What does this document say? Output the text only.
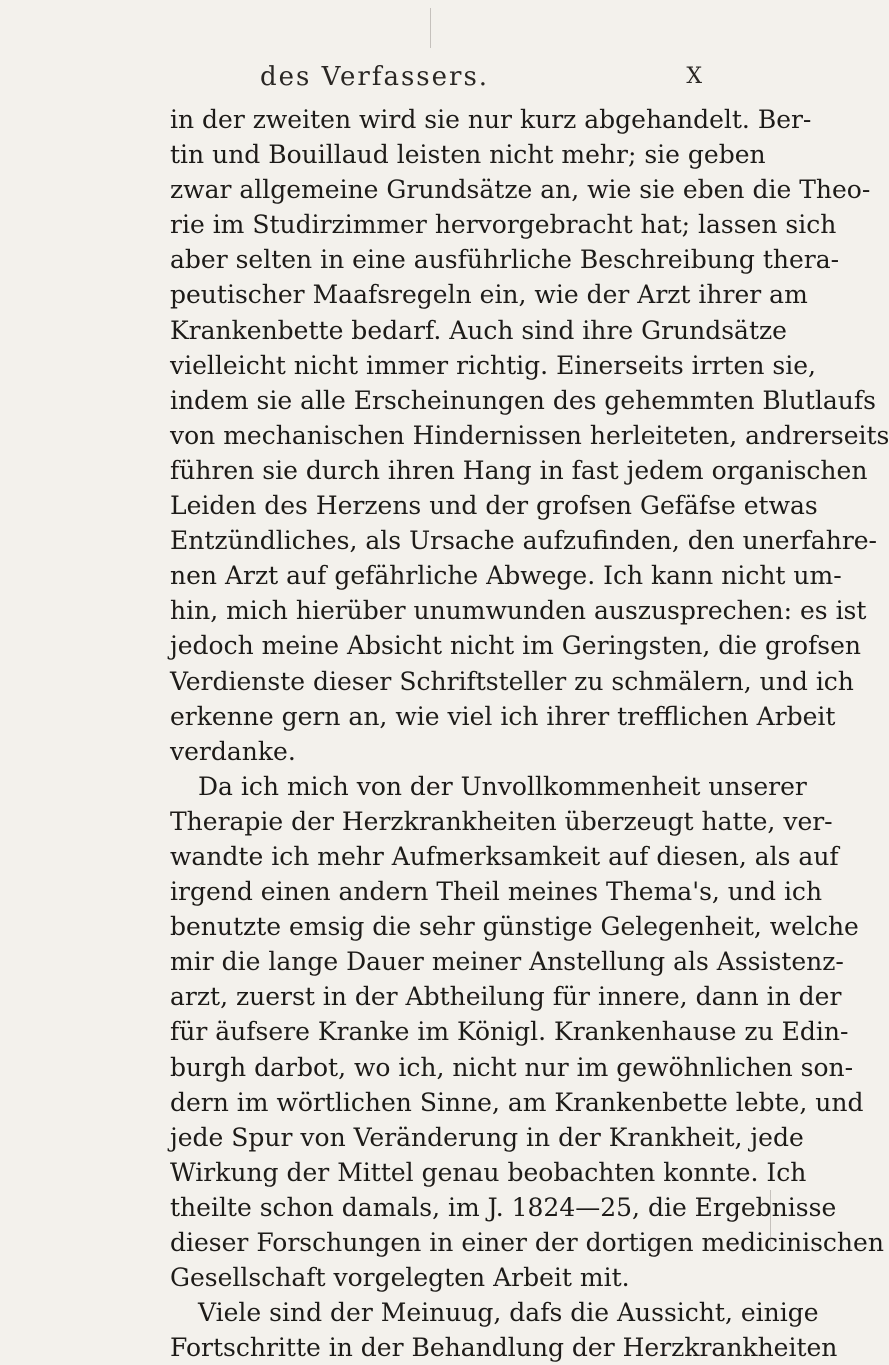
des Verfassers.	X
in der zweiten wird sie nur kurz abgehandelt. Ber-
tin und Bouillaud leisten nicht mehr; sie geben
zwar allgemeine Grundsätze an, wie sie eben die Theo-
rie im Studirzimmer hervorgebracht hat; lassen sich
aber selten in eine ausführliche Beschreibung thera-
peutischer Maafsregeln ein, wie der Arzt ihrer am
Krankenbette bedarf. Auch sind ihre Grundsätze
vielleicht nicht immer richtig. Einerseits irrten sie,
indem sie alle Erscheinungen des gehemmten Blutlaufs
von mechanischen Hindernissen herleiteten, andrerseits
führen sie durch ihren Hang in fast jedem organischen
Leiden des Herzens und der grofsen Gefäfse etwas
Entzündliches, als Ursache aufzufinden, den unerfahre-
nen Arzt auf gefährliche Abwege. Ich kann nicht um-
hin, mich hierüber unumwunden auszusprechen: es ist
jedoch meine Absicht nicht im Geringsten, die grofsen
Verdienste dieser Schriftsteller zu schmälern, und ich
erkenne gern an, wie viel ich ihrer trefflichen Arbeit
verdanke.
Da ich mich von der Unvollkommenheit unserer
Therapie der Herzkrankheiten überzeugt hatte, ver-
wandte ich mehr Aufmerksamkeit auf diesen, als auf
irgend einen andern Theil meines Thema's, und ich
benutzte emsig die sehr günstige Gelegenheit, welche
mir die lange Dauer meiner Anstellung als Assistenz-
arzt, zuerst in der Abtheilung für innere, dann in der
für äufsere Kranke im Königl. Krankenhause zu Edin-
burgh darbot, wo ich, nicht nur im gewöhnlichen son-
dern im wörtlichen Sinne, am Krankenbette lebte, und
jede Spur von Veränderung in der Krankheit, jede
Wirkung der Mittel genau beobachten konnte. Ich
theilte schon damals, im J. 1824—25, die Ergebnisse
dieser Forschungen in einer der dortigen medicinischen
Gesellschaft vorgelegten Arbeit mit.
Viele sind der Meinuug, dafs die Aussicht, einige
Fortschritte in der Behandlung der Herzkrankheiten
